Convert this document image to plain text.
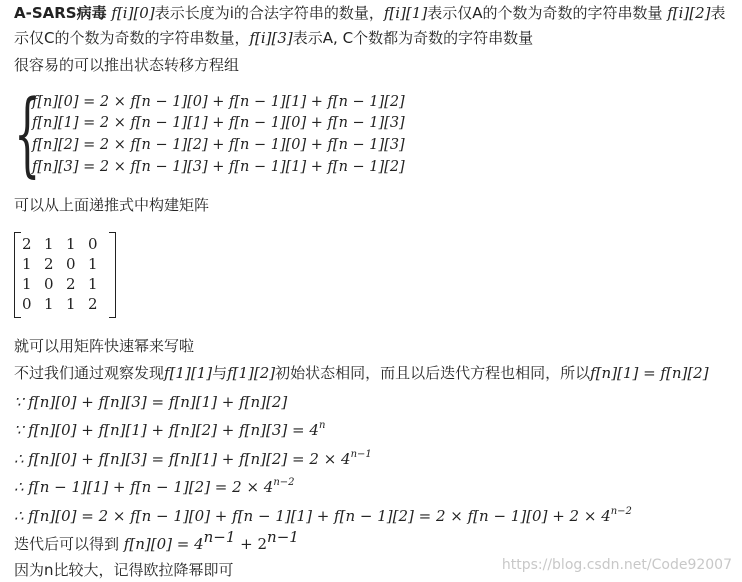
A-SARS病毒 f[i][0]表示长度为i的合法字符串的数量，f[i][1]表示仅A的个数为奇数的字符串数量 f[i][2]表
示仅C的个数为奇数的字符串数量，f[i][3]表示A, C个数都为奇数的字符串数量
很容易的可以推出状态转移方程组
{
f[n][0] = 2 × f[n − 1][0] + f[n − 1][1] + f[n − 1][2]
f[n][1] = 2 × f[n − 1][1] + f[n − 1][0] + f[n − 1][3]
f[n][2] = 2 × f[n − 1][2] + f[n − 1][0] + f[n − 1][3]
f[n][3] = 2 × f[n − 1][3] + f[n − 1][1] + f[n − 1][2]
可以从上面递推式中构建矩阵
2	1	1	0
1	2	0	1
1	0	2	1
0	1	1	2
就可以用矩阵快速幂来写啦
不过我们通过观察发现f[1][1]与f[1][2]初始状态相同，而且以后迭代方程也相同，所以f[n][1] = f[n][2]
∵ f[n][0] + f[n][3] = f[n][1] + f[n][2]
∵ $f[n][0] + f[n][1] + f[n][2] + f[n][3] = 4^n$
∴ $f[n][0] + f[n][3] = f[n][1] + f[n][2] = 2 \times 4^{n-1}$
∴ $f[n - 1][1] + f[n - 1][2] = 2 \times 4^{n-2}$
∴ $f[n][0] = 2 \times f[n - 1][0] + f[n - 1][1] + f[n - 1][2] = 2 \times f[n - 1][0] + 2 \times 4^{n-2}$
迭代后可以得到 $f[n][0] = 4^{n-1} + 2^{n-1}$
因为n比较大，记得欧拉降幂即可	https://blog.csdn.net/Code92007
